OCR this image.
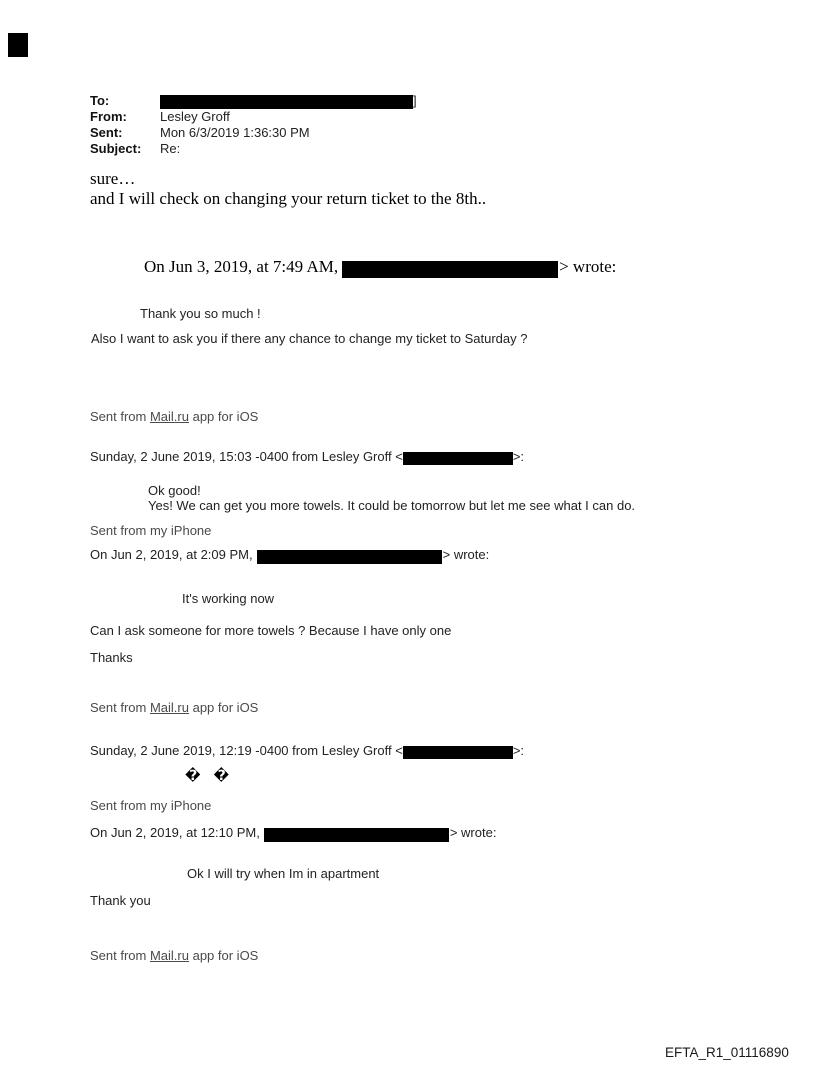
To:	]
From:	Lesley Groff
Sent:	Mon 6/3/2019 1:36:30 PM
Subject: Re:
sure…
and I will check on changing your return ticket to the 8th..
On Jun 3, 2019, at 7:49 AM,	> wrote:
Thank you so much !
Also I want to ask you if there any chance to change my ticket to Saturday ?
Sent from Mail.ru app for iOS
Sunday, 2 June 2019, 15:03 -0400 from Lesley Groff <	>:
Ok good!
Yes! We can get you more towels. It could be tomorrow but let me see what I can do.
Sent from my iPhone
On Jun 2, 2019, at 2:09 PM,	> wrote:
It's working now
Can I ask someone for more towels ? Because I have only one
Thanks
Sent from Mail.ru app for iOS
Sunday, 2 June 2019, 12:19 -0400 from Lesley Groff <	>:
� �
Sent from my iPhone
On Jun 2, 2019, at 12:10 PM,	> wrote:
Ok I will try when Im in apartment
Thank you
Sent from Mail.ru app for iOS
EFTA_R1_01116890
